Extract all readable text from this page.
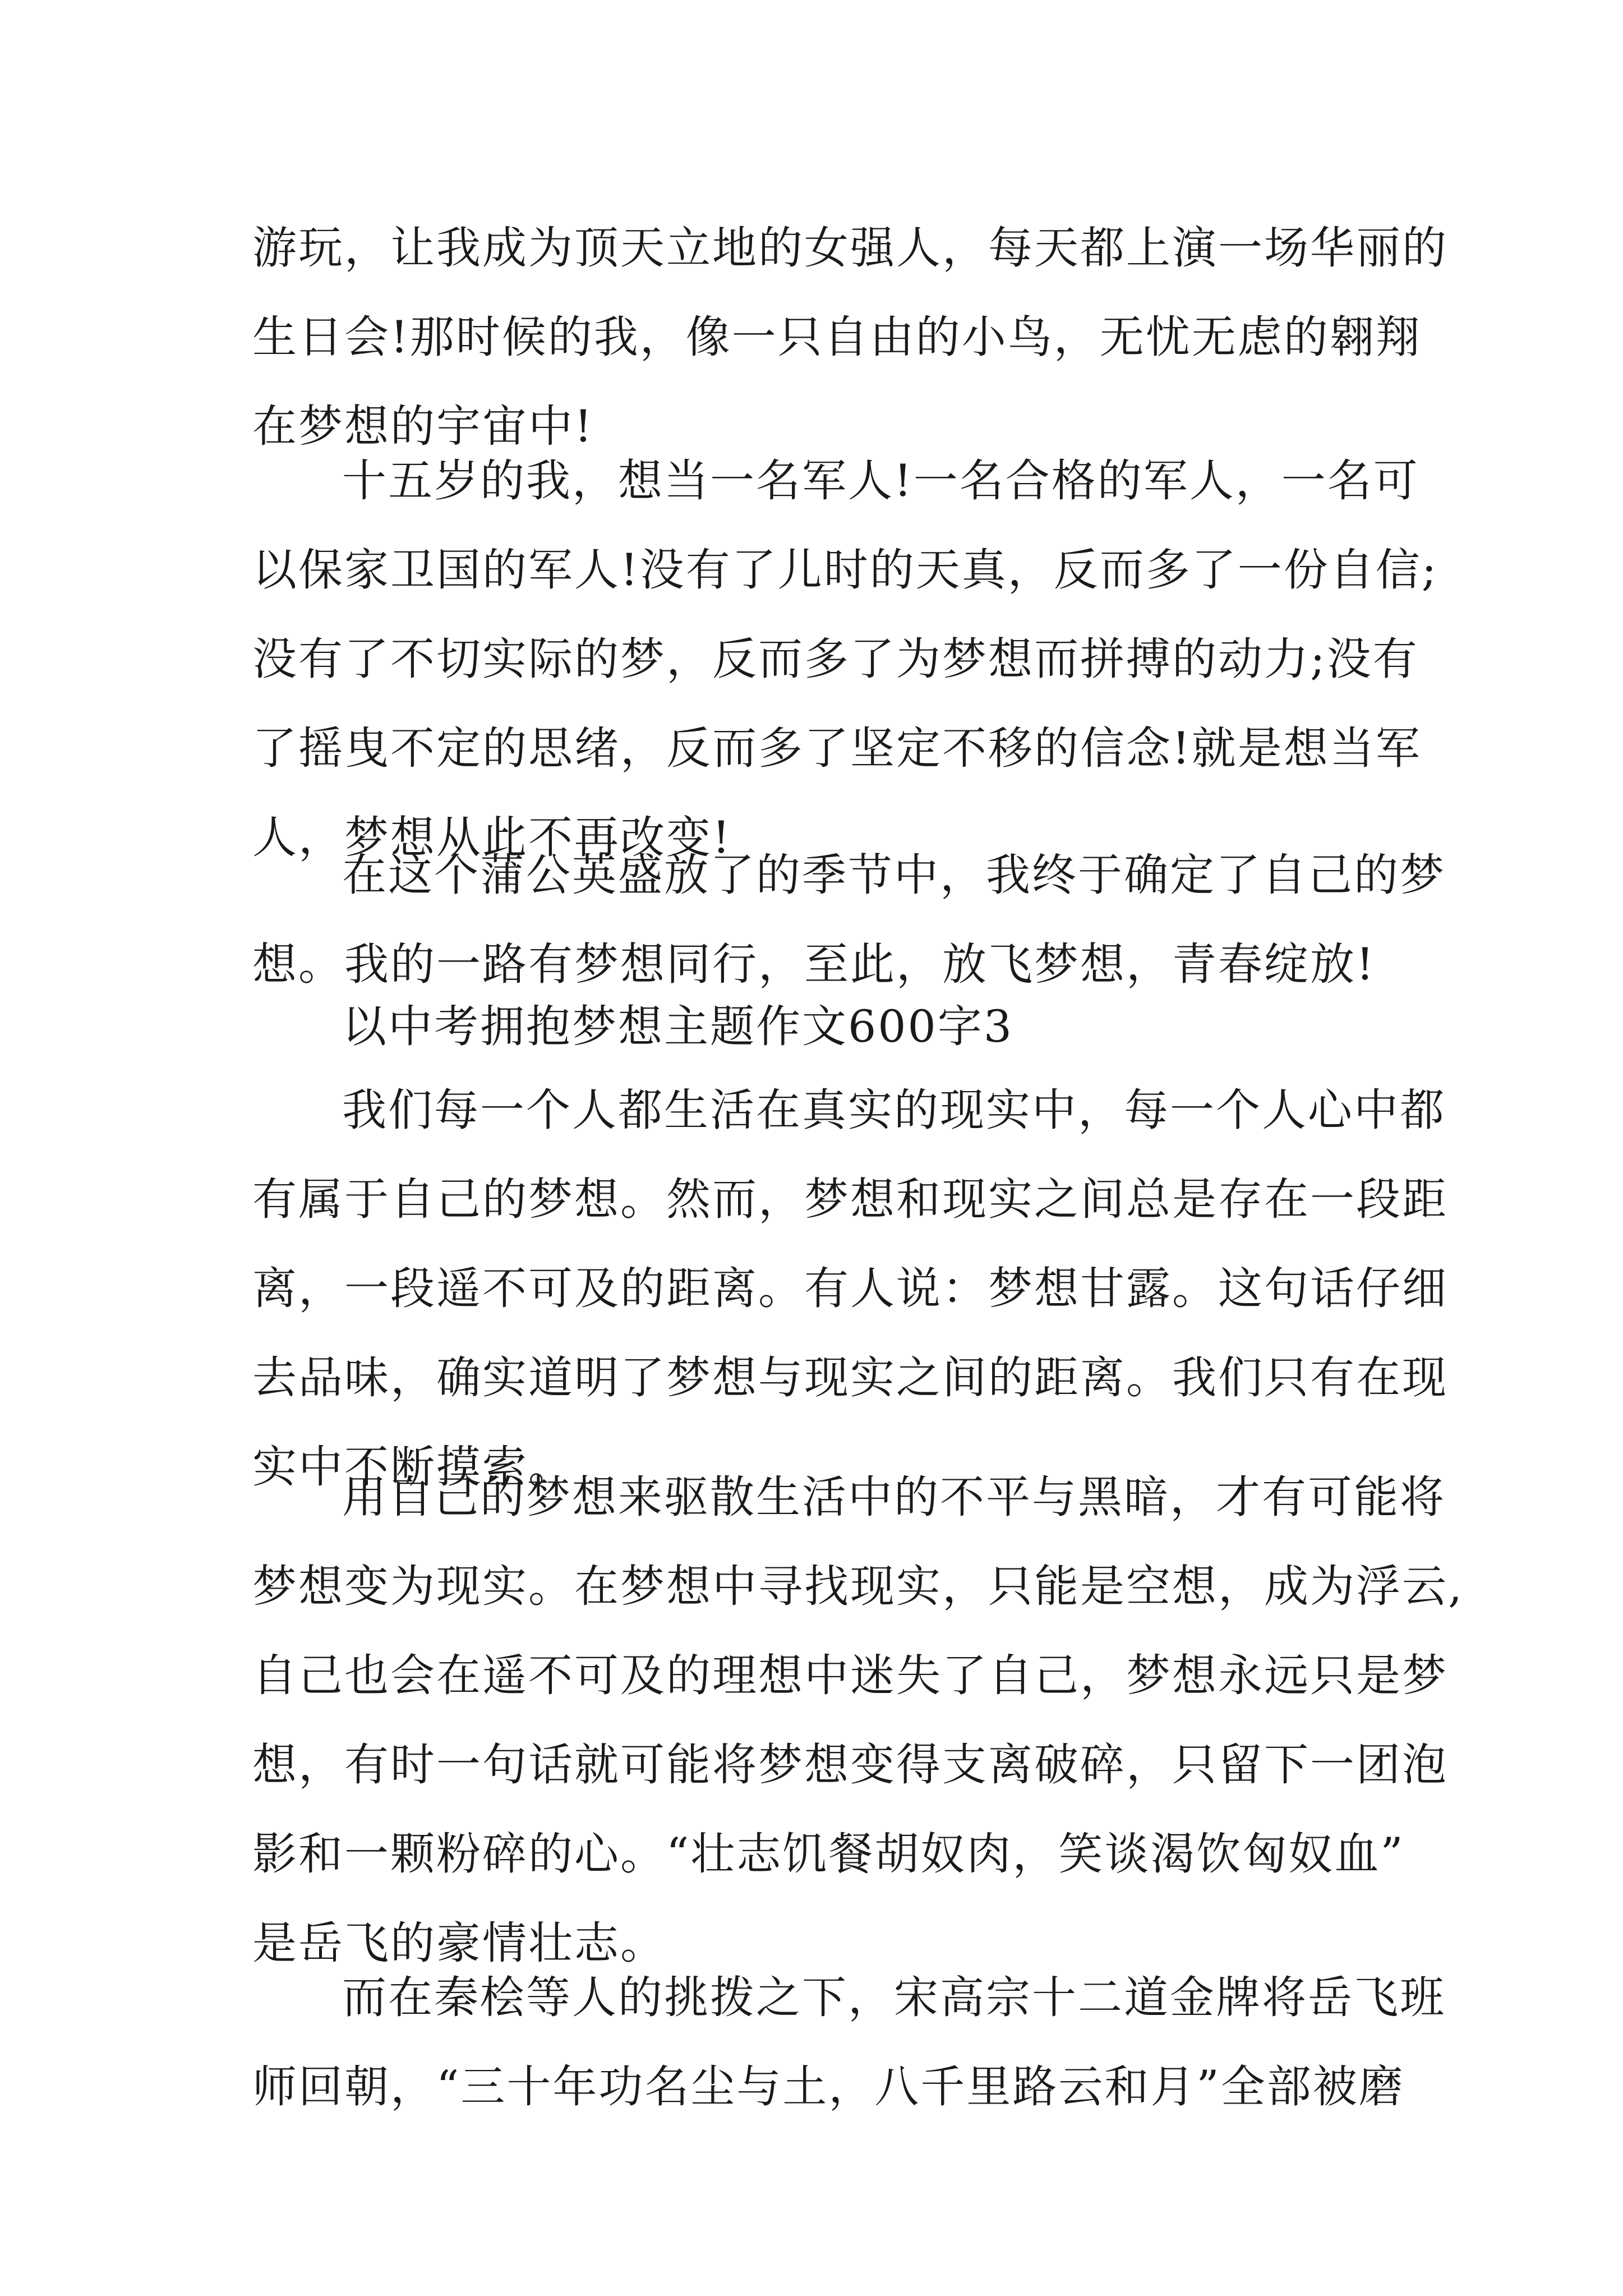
游玩，让我成为顶天立地的女强人，每天都上演一场华丽的
生日会!那时候的我，像一只自由的小鸟，无忧无虑的翱翔
在梦想的宇宙中!
十五岁的我，想当一名军人!一名合格的军人，一名可
以保家卫国的军人!没有了儿时的天真，反而多了一份自信;
没有了不切实际的梦，反而多了为梦想而拼搏的动力;没有
了摇曳不定的思绪，反而多了坚定不移的信念!就是想当军
人，梦想从此不再改变!
在这个蒲公英盛放了的季节中，我终于确定了自己的梦
想。我的一路有梦想同行，至此，放飞梦想，青春绽放!
以中考拥抱梦想主题作文600字3
我们每一个人都生活在真实的现实中，每一个人心中都
有属于自己的梦想。然而，梦想和现实之间总是存在一段距
离，一段遥不可及的距离。有人说：梦想甘露。这句话仔细
去品味，确实道明了梦想与现实之间的距离。我们只有在现
实中不断摸索。
用自己的梦想来驱散生活中的不平与黑暗，才有可能将
梦想变为现实。在梦想中寻找现实，只能是空想，成为浮云,
自己也会在遥不可及的理想中迷失了自己，梦想永远只是梦
想，有时一句话就可能将梦想变得支离破碎，只留下一团泡
影和一颗粉碎的心。“壮志饥餐胡奴肉，笑谈渴饮匈奴血”
是岳飞的豪情壮志。
而在秦桧等人的挑拨之下，宋高宗十二道金牌将岳飞班
师回朝，“三十年功名尘与土，八千里路云和月”全部被磨
